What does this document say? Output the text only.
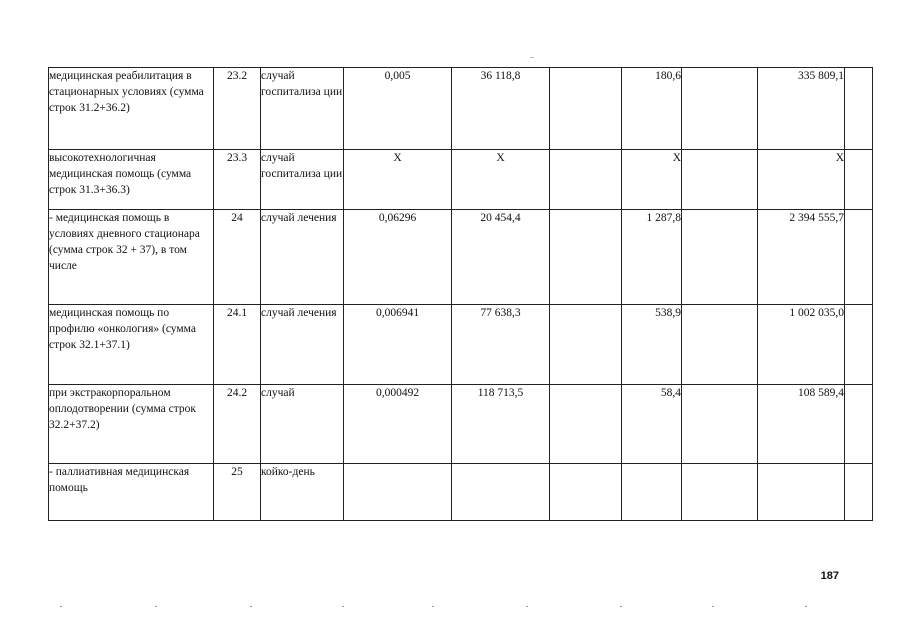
медицинская реабилитация в стационарных условиях (сумма строк 31.2+36.2)	23.2	случай госпитализа ции	0,005	36 118,8		180,6		335 809,1	
высокотехнологичная медицинская помощь (сумма строк 31.3+36.3)	23.3	случай госпитализа ции	Х	Х		Х		Х	
- медицинская помощь в условиях дневного стационара (сумма строк 32 + 37), в том числе	24	случай лечения	0,06296	20 454,4		1 287,8		2 394 555,7	
медицинская помощь по профилю «онкология» (сумма строк 32.1+37.1)	24.1	случай лечения	0,006941	77 638,3		538,9		1 002 035,0	
при экстракорпоральном оплодотворении (сумма строк 32.2+37.2)	24.2	случай	0,000492	118 713,5		58,4		108 589,4	
- паллиативная медицинская помощь	25	койко-день							
187
